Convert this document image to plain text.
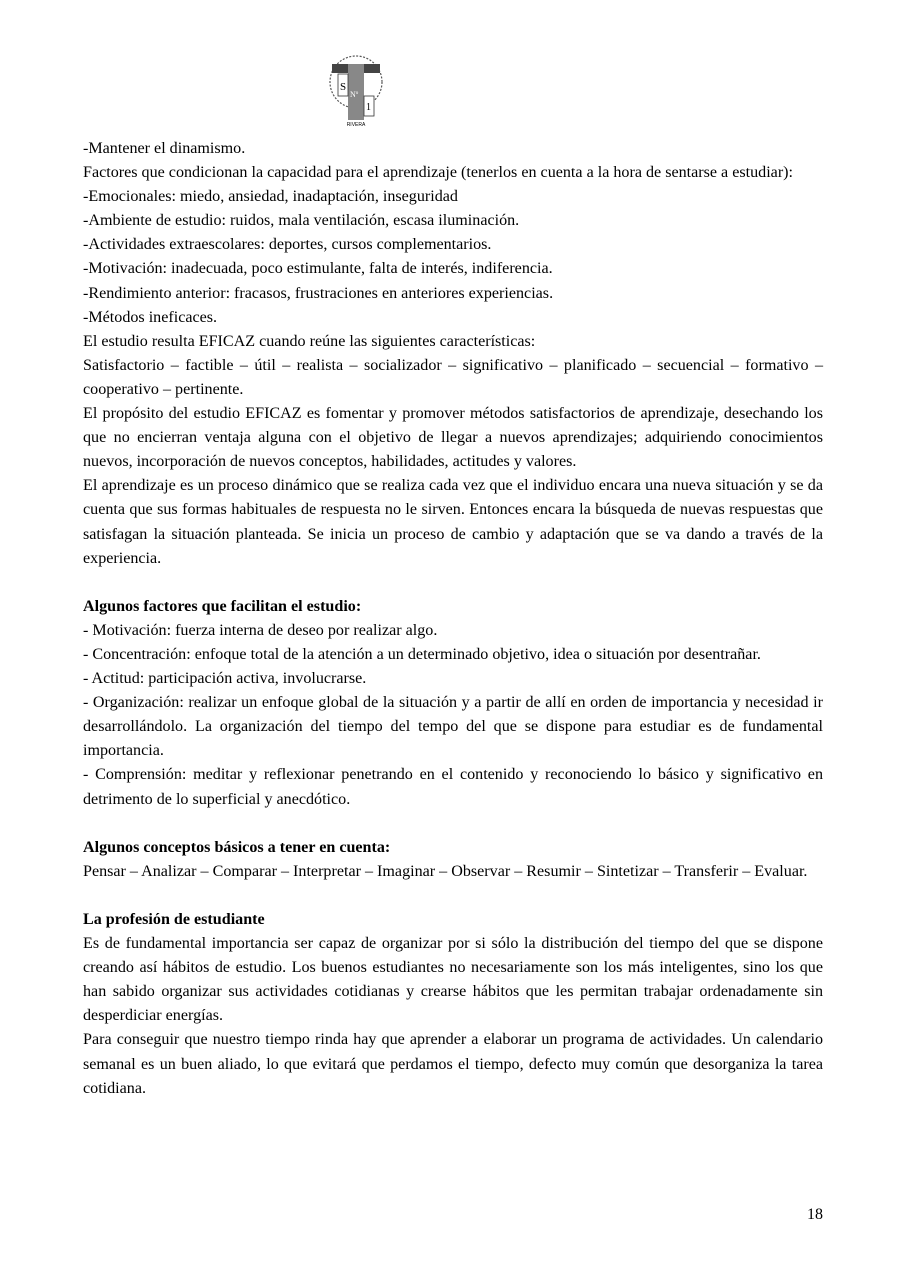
S
Nº
1
RIVERA

-Mantener el dinamismo.

Factores que condicionan la capacidad para el aprendizaje (tenerlos en cuenta a la hora de sentarse a estudiar):

-Emocionales: miedo, ansiedad, inadaptación, inseguridad

-Ambiente de estudio: ruidos, mala ventilación, escasa iluminación.

-Actividades extraescolares: deportes, cursos complementarios.

-Motivación: inadecuada, poco estimulante, falta de interés, indiferencia.

-Rendimiento anterior: fracasos, frustraciones en anteriores experiencias.

-Métodos ineficaces.

El estudio resulta EFICAZ cuando reúne las siguientes características:

Satisfactorio – factible – útil – realista – socializador – significativo – planificado – secuencial – formativo – cooperativo – pertinente.

El propósito del estudio EFICAZ es fomentar y promover métodos satisfactorios de aprendizaje, desechando los que no encierran ventaja alguna con el objetivo de llegar a nuevos aprendizajes; adquiriendo conocimientos nuevos, incorporación de nuevos conceptos, habilidades, actitudes y valores.

El aprendizaje es un proceso dinámico que se realiza cada vez que el individuo encara una nueva situación y se da cuenta que sus formas habituales de respuesta no le sirven. Entonces encara la búsqueda de nuevas respuestas que satisfagan la situación planteada. Se inicia un proceso de cambio y adaptación que se va dando a través de la experiencia.

Algunos factores que facilitan el estudio:

- Motivación: fuerza interna de deseo por realizar algo.

- Concentración: enfoque total de la atención a un determinado objetivo, idea o situación por desentrañar.

- Actitud: participación activa, involucrarse.

- Organización: realizar un enfoque global de la situación y a partir de allí en orden de importancia y necesidad ir desarrollándolo. La organización del tiempo del tempo del que se dispone para estudiar es de fundamental importancia.

- Comprensión: meditar y reflexionar penetrando en el contenido y reconociendo lo básico y significativo en detrimento de lo superficial y anecdótico.

Algunos conceptos básicos a tener en cuenta:

Pensar – Analizar – Comparar – Interpretar – Imaginar – Observar – Resumir – Sintetizar – Transferir – Evaluar.

La profesión de estudiante

Es de fundamental importancia ser capaz de organizar por si sólo la distribución del tiempo del que se dispone creando así hábitos de estudio. Los buenos estudiantes no necesariamente son los más inteligentes, sino los que han sabido organizar sus actividades cotidianas y crearse hábitos que les permitan trabajar ordenadamente sin desperdiciar energías.

Para conseguir que nuestro tiempo rinda hay que aprender a elaborar un programa de actividades. Un calendario semanal es un buen aliado, lo que evitará que perdamos el tiempo, defecto muy común que desorganiza la tarea cotidiana.

18
